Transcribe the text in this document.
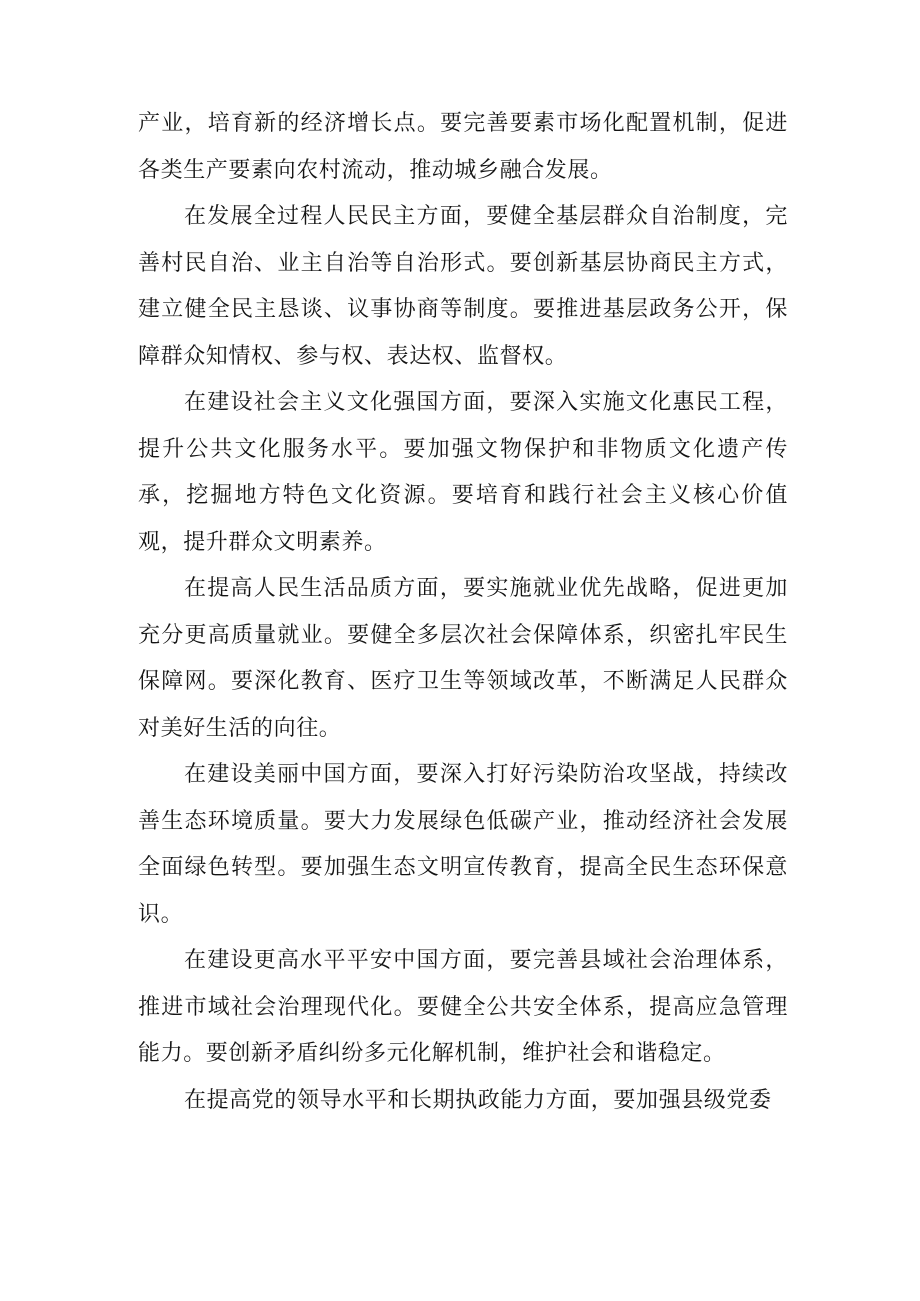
产业，培育新的经济增长点。要完善要素市场化配置机制，促进各类生产要素向农村流动，推动城乡融合发展。

在发展全过程人民民主方面，要健全基层群众自治制度，完善村民自治、业主自治等自治形式。要创新基层协商民主方式，建立健全民主恳谈、议事协商等制度。要推进基层政务公开，保障群众知情权、参与权、表达权、监督权。

在建设社会主义文化强国方面，要深入实施文化惠民工程，提升公共文化服务水平。要加强文物保护和非物质文化遗产传承，挖掘地方特色文化资源。要培育和践行社会主义核心价值观，提升群众文明素养。

在提高人民生活品质方面，要实施就业优先战略，促进更加充分更高质量就业。要健全多层次社会保障体系，织密扎牢民生保障网。要深化教育、医疗卫生等领域改革，不断满足人民群众对美好生活的向往。

在建设美丽中国方面，要深入打好污染防治攻坚战，持续改善生态环境质量。要大力发展绿色低碳产业，推动经济社会发展全面绿色转型。要加强生态文明宣传教育，提高全民生态环保意识。

在建设更高水平平安中国方面，要完善县域社会治理体系，推进市域社会治理现代化。要健全公共安全体系，提高应急管理能力。要创新矛盾纠纷多元化解机制，维护社会和谐稳定。

在提高党的领导水平和长期执政能力方面，要加强县级党委
